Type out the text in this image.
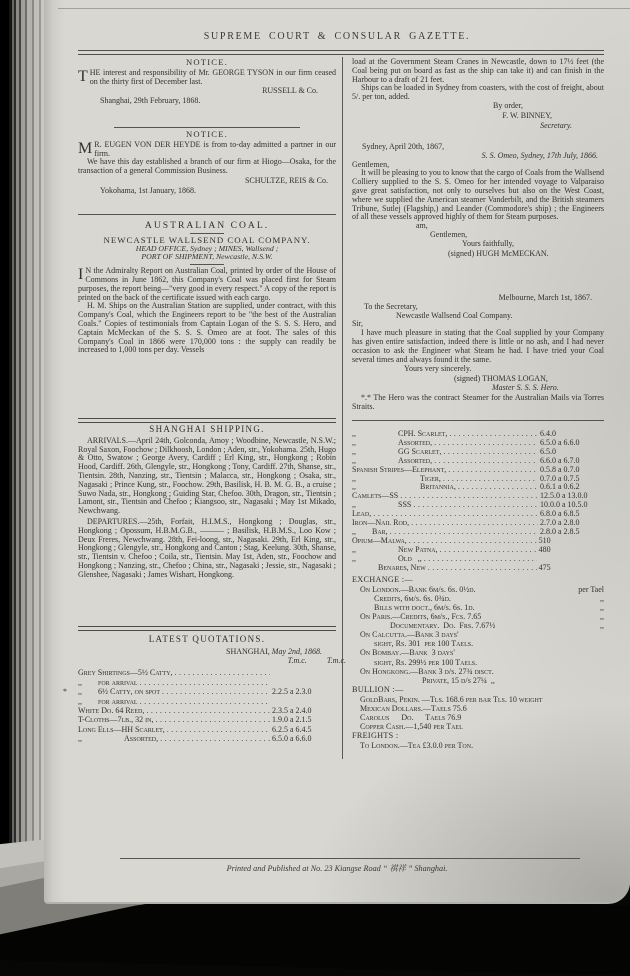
SUPREME COURT & CONSULAR GAZETTE.

NOTICE.

THE interest and responsibility of Mr. GEORGE TYSON in our firm ceased on the thirty first of December last.

RUSSELL & Co.

Shanghai, 29th February, 1868.

NOTICE.

M R. EUGEN VON DER HEYDE is from to-day admitted a partner in our firm.

We have this day established a branch of our firm at Hiogo—Osaka, for the transaction of a general Commission Business.

SCHULTZE, REIS & Co.

Yokohama, 1st January, 1868.

AUSTRALIAN COAL.

NEWCASTLE WALLSEND COAL COMPANY.

HEAD OFFICE, Sydney ; MINES, Wallsend ;

PORT OF SHIPMENT, Newcastle, N.S.W.

I N the Admiralty Report on Australian Coal, printed by order of the House of Commons in June 1862, this Company's Coal was placed first for Steam purposes, the report being—"very good in every respect." A copy of the report is printed on the back of the certificate issued with each cargo.

H. M. Ships on the Australian Station are supplied, under contract, with this Company's Coal, which the Engineers report to be "the best of the Australian Coals." Copies of testimonials from Captain Logan of the S. S. S. Hero, and Captain McMeckan of the S. S. S. Omeo are at foot. The sales of this Company's Coal in 1866 were 170,000 tons : the supply can readily be increased to 1,000 tons per day. Vessels

SHANGHAI SHIPPING.

ARRIVALS.—April 24th, Golconda, Amoy ; Woodbine, Newcastle, N.S.W.; Royal Saxon, Foochow ; Dilkhoosh, London ; Aden, str., Yokohama. 25th, Hugo & Otto, Swatow ; George Avery, Cardiff ; Erl King, str., Hongkong ; Robin Hood, Cardiff. 26th, Glengyle, str., Hongkong ; Tony, Cardiff. 27th, Shanse, str., Tientsin. 28th, Nanzing, str., Tientsin ; Malacca, str., Hongkong ; Osaka, str., Nagasaki ; Prince Kung, str., Foochow. 29th, Basilisk, H. B. M. G. B., a cruise ; Suwo Nada, str., Hongkong ; Guiding Star, Chefoo. 30th, Dragon, str., Tientsin ; Lamont, str., Tientsin and Chefoo ; Kiangsoo, str., Nagasaki ; May 1st Mikado, Newchwang.

DEPARTURES.—25th, Forfait, H.I.M.S., Hongkong ; Douglas, str., Hongkong ; Opossum, H.B.M.G.B., ——— ; Basilisk, H.B.M.S., Loo Kow ; Deux Freres, Newchwang. 28th, Fei-loong, str., Nagasaki. 29th, Erl King, str., Hongkong ; Glengyle, str., Hongkong and Canton ; Stag, Keelung. 30th, Shanse, str., Tientsin v. Chefoo ; Coila, str., Tientsin. May 1st, Aden, str., Foochow and Hongkong ; Nanzing, str., Chefoo ; China, str., Nagasaki ; Jessie, str., Nagasaki ; Glenshee, Nagasaki ; James Wishart, Hongkong.

LATEST QUOTATIONS.

SHANGHAI, May 2nd, 1868.

T.m.c.	T.m.c.
Grey Shirtings—5½ Catty,
.....
,,	for arrival
.....
*	,,	6½ Catty, on spot .....	2.2.5 a 2.3.0
,,	for arrival
.....
White Do. 64 Reed, .....	2.3.5 a 2.4.0
T-Cloths—7lb., 32 in, .....	1.9.0 a 2.1.5
Long Ells—HH Scarlet, .....	6.2.5 a 6.4.5
,,	Assorted, .....	6.5.0 a 6.6.0

load at the Government Steam Cranes in Newcastle, down to 17½ feet (the Coal being put on board as fast as the ship can take it) and can finish in the Harbour to a draft of 21 feet.

Ships can be loaded in Sydney from coasters, with the cost of freight, about 5/. per ton, added.

By order,

F. W. BINNEY,

Secretary.

Sydney, April 20th, 1867,

S. S. Omeo, Sydney, 17th July, 1866.

Gentlemen,

It will be pleasing to you to know that the cargo of Coals from the Wallsend Colliery supplied to the S. S. Omeo for her intended voyage to Valparaiso gave great satisfaction, not only to ourselves but also on the West Coast, where we supplied the American steamer Vanderbilt, and the British steamers Tribune, Sutlej (Flagship,) and Leander (Commodore's ship) ; the Engineers of all these vessels approved highly of them for Steam purposes.

am,

Gentlemen,

Yours faithfully,

(signed) HUGH McMECKAN.

Melbourne, March 1st, 1867.

To the Secretary,

Newcastle Wallsend Coal Company.

Sir,

I have much pleasure in stating that the Coal supplied by your Company has given entire satisfaction, indeed there is little or no ash, and I had never occasion to ask the Engineer what Steam he had. I have tried your Coal several times and always found it the same.

Yours very sincerely.

(signed) THOMAS LOGAN,

Master S. S. S. Hero.

*.* The Hero was the contract Steamer for the Australian Mails via Torres Straits.

,,	CPH. Scarlet, .....	6.4.0
,,	Assorted, .....	6.5.0 a 6.6.0
,,	GG Scarlet, .....	6.5.0
,,	Assorted, .....	6.6.0 a 6.7.0
Spanish Stripes—Elephant, .....	0.5.8 a 0.7.0
,,	Tiger, .....	0.7.0 a 0.7.5
,,	Britannia, .....	0.6.1 a 0.6.2
Camlets—SS .....	12.5.0 a 13.0.0
,,	SSS .....	10.0.0 a 10.5.0
Lead, .....	6.8.0 a 6.8.5
Iron—Nail Rod, .....	2.7.0 a 2.8.0
,,	Bar, .....	2.8.0 a 2.8.5
Opium—Malwa, .....	510
,,	New Patna, .....	480
,,	Old   ,,
.....
Benares, New .....	475

EXCHANGE :—

On London.—Bank 6m/s. 6s. 0½d.	per Tael
Credits, 6m/s. 6s. 0¾d.	,,
Bills with doct., 6m/s. 6s. 1d.	,,
On Paris.—Credits, 6m/s., Fcs. 7.65	,,
Documentary.  Do.  Frs. 7.67½	,,
On Calcutta.—Bank 3 days'
sight, Rs. 301  per 100 Taels.
On Bombay.—Bank  3 days'
sight, Rs. 299½ per 100 Taels.
On Hongkong.—Bank 3 d/s. 27¾ disct.
Private, 15 d/s 27¼  ,,

BULLION :—

GoldBars, Pekin. —Tls. 168.6 per bar Tls. 10 weight
Mexican Dollars.—Taels 75.6
Carolus      Do.      Taels 76.9
Copper Cash.—1,540 per Tael

FREIGHTS :

To London.—Tea £3.0.0 per Ton.
Printed and Published at No. 23 Kiangse Road “ 祺祥 ” Shanghai.
